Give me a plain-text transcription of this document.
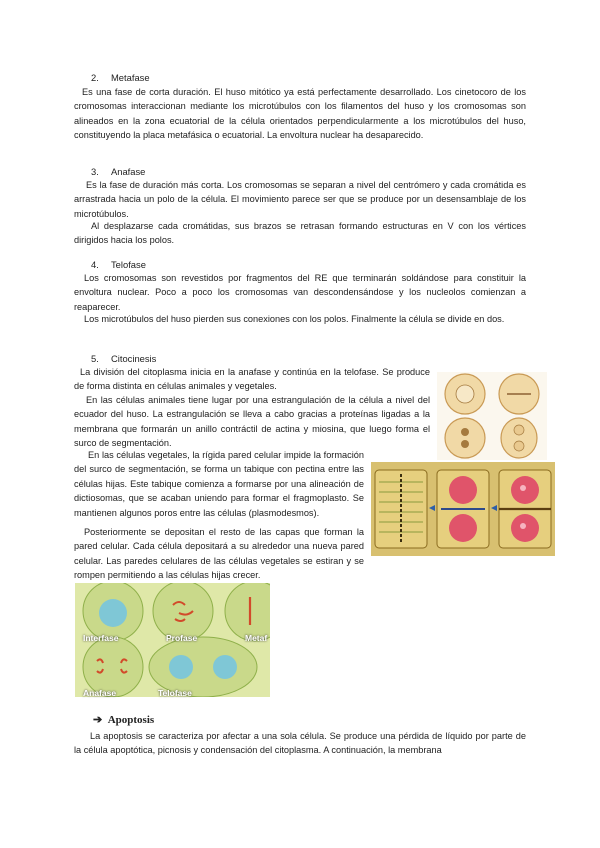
2. Metafase
Es una fase de corta duración. El huso mitótico ya está perfectamente desarrollado. Los cinetocoro de los cromosomas interaccionan mediante los microtúbulos con los filamentos del huso y los cromosomas son alineados en la zona ecuatorial de la célula orientados perpendicularmente a los microtúbulos del huso, constituyendo la placa metafásica o ecuatorial. La envoltura nuclear ha desaparecido.
3. Anafase
Es la fase de duración más corta. Los cromosomas se separan a nivel del centrómero y cada cromátida es arrastrada hacia un polo de la célula. El movimiento parece ser que se produce por un desensamblaje de los microtúbulos.
Al desplazarse cada cromátidas, sus brazos se retrasan formando estructuras en V con los vértices dirigidos hacia los polos.
4. Telofase
Los cromosomas son revestidos por fragmentos del RE que terminarán soldándose para constituir la envoltura nuclear. Poco a poco los cromosomas van descondensándose y los nucleolos comienzan a reaparecer.
Los microtúbulos del huso pierden sus conexiones con los polos. Finalmente la célula se divide en dos.
5. Citocinesis
La división del citoplasma inicia en la anafase y continúa en la telofase. Se produce de forma distinta en células animales y vegetales.
En las células animales tiene lugar por una estrangulación de la célula a nivel del ecuador del huso. La estrangulación se lleva a cabo gracias a proteínas ligadas a la membrana que formarán un anillo contráctil de actina y miosina, que luego forma el surco de segmentación.
En las células vegetales, la rígida pared celular impide la formación del surco de segmentación, se forma un tabique con pectina entre las células hijas. Este tabique comienza a formarse por una alineación de dictiosomas, que se acaban uniendo para formar el fragmoplasto. Se mantienen algunos poros entre las células (plasmodesmos).
Posteriormente se depositan el resto de las capas que forman la pared celular. Cada célula depositará a su alrededor una nueva pared celular. Las paredes celulares de las células vegetales se estiran y se rompen permitiendo a las células hijas crecer.
Interfase	Profase	Metaf
Anafase	Telofase
➔ Apoptosis
La apoptosis se caracteriza por afectar a una sola célula. Se produce una pérdida de líquido por parte de la célula apoptótica, picnosis y condensación del citoplasma. A continuación, la membrana
